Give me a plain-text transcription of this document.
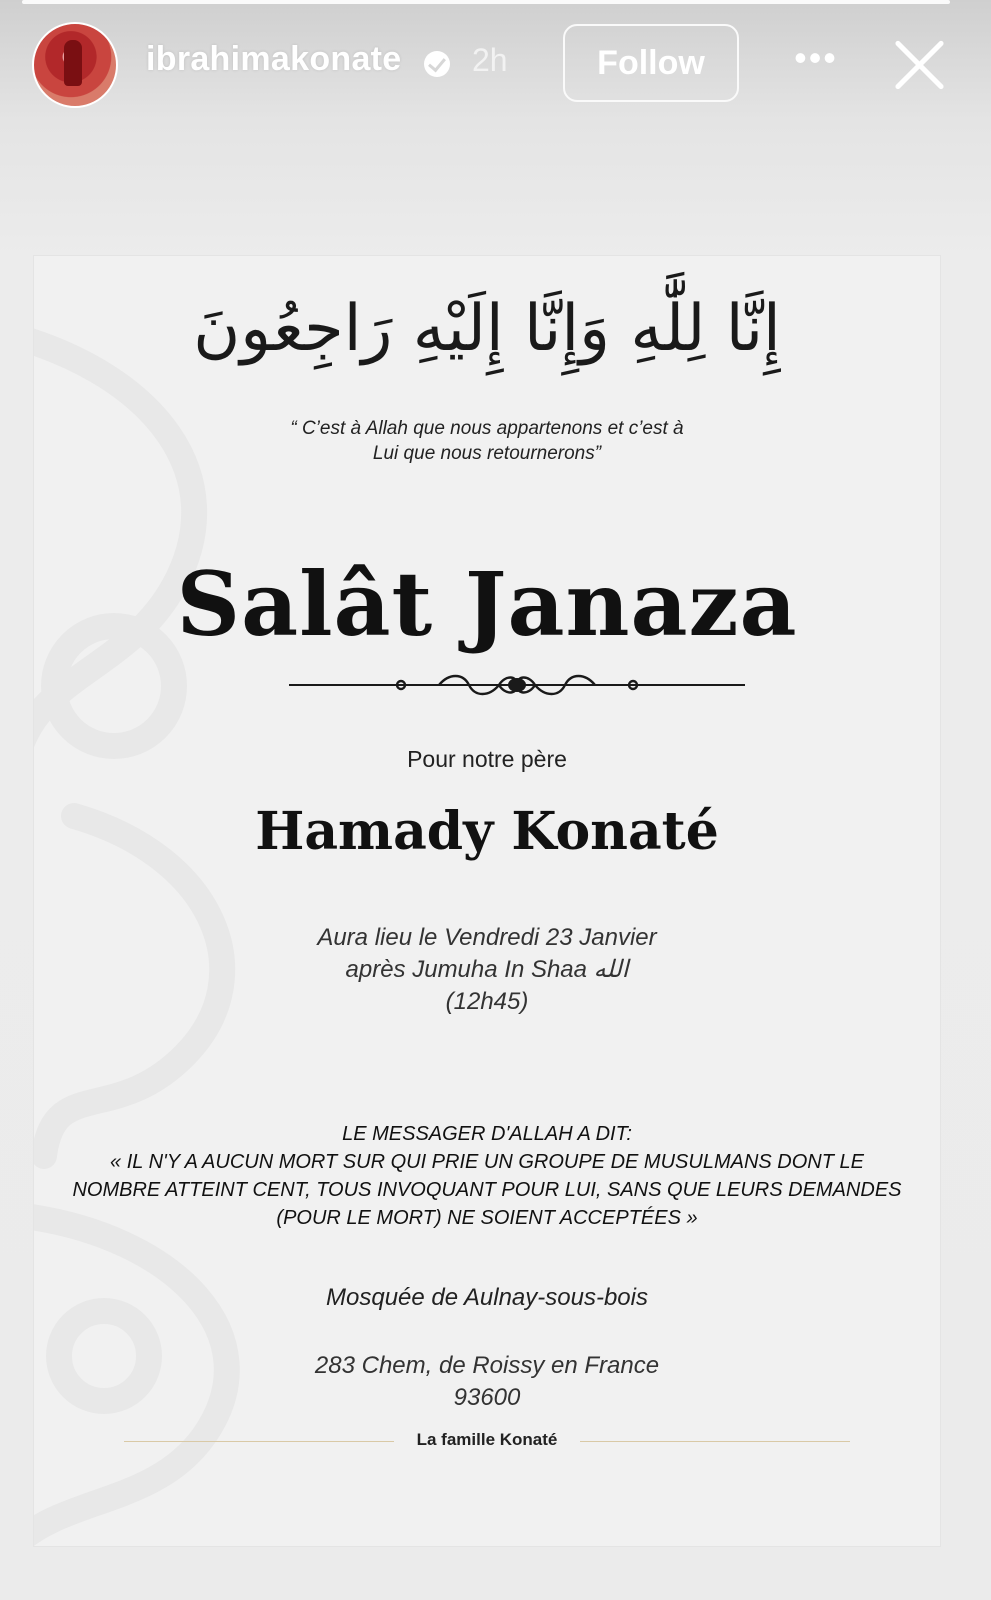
ibrahimakonate 2h	Follow	•••
إِنَّا لِلَّٰهِ وَإِنَّا إِلَيْهِ رَاجِعُونَ
“ C’est à Allah que nous appartenons et c’est à
Lui que nous retournerons”
Salât Janaza
Pour notre père
Hamady Konaté
Aura lieu le Vendredi 23 Janvier
après Jumuha In Shaa الله
(12h45)
LE MESSAGER D'ALLAH A DIT:
« IL N'Y A AUCUN MORT SUR QUI PRIE UN GROUPE DE MUSULMANS DONT LE
NOMBRE ATTEINT CENT, TOUS INVOQUANT POUR LUI, SANS QUE LEURS DEMANDES
(POUR LE MORT) NE SOIENT ACCEPTÉES »
Mosquée de Aulnay-sous-bois
283 Chem, de Roissy en France
93600
La famille Konaté
